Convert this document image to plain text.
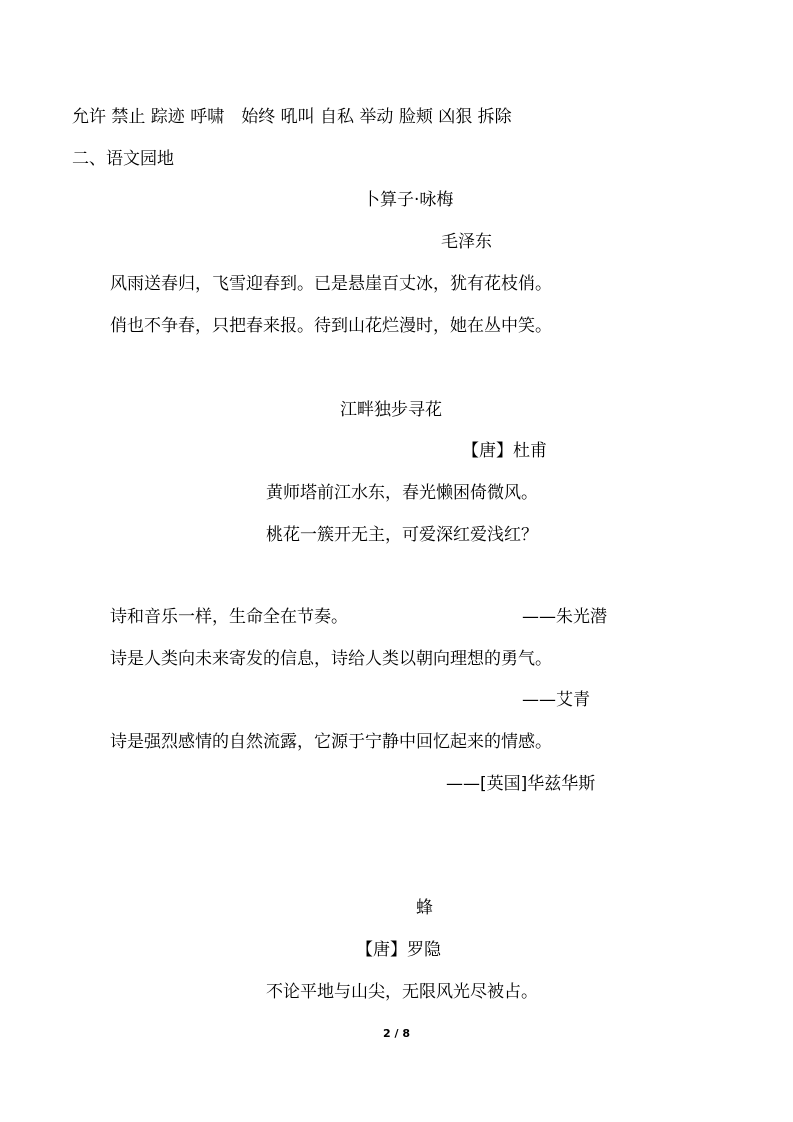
允许 禁止 踪迹 呼啸　始终 吼叫 自私 举动 脸颊 凶狠 拆除
二、语文园地
卜算子·咏梅
毛泽东
风雨送春归，飞雪迎春到。已是悬崖百丈冰，犹有花枝俏。
俏也不争春，只把春来报。待到山花烂漫时，她在丛中笑。
江畔独步寻花
【唐】杜甫
黄师塔前江水东，春光懒困倚微风。
桃花一簇开无主，可爱深红爱浅红？
诗和音乐一样，生命全在节奏。	——朱光潜
诗是人类向未来寄发的信息，诗给人类以朝向理想的勇气。
——艾青
诗是强烈感情的自然流露，它源于宁静中回忆起来的情感。
——[英国]华兹华斯
蜂
【唐】罗隐
不论平地与山尖，无限风光尽被占。
2 / 8
